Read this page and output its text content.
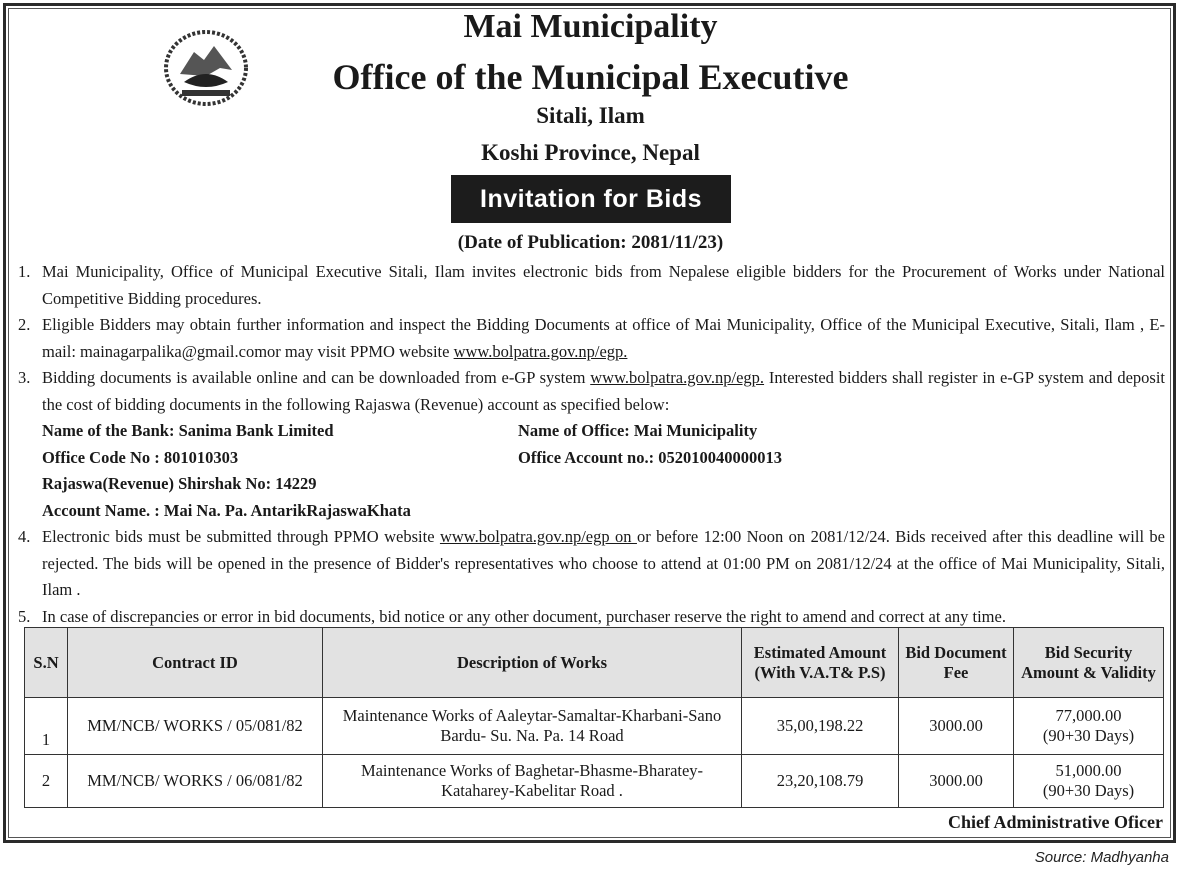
Mai Municipality
Office of the Municipal Executive
Sitali, Ilam
Koshi Province, Nepal
Invitation for Bids
(Date of Publication: 2081/11/23)
1. Mai Municipality, Office of Municipal Executive Sitali, Ilam invites electronic bids from Nepalese eligible bidders for the Procurement of Works under National Competitive Bidding procedures.
2. Eligible Bidders may obtain further information and inspect the Bidding Documents at office of Mai Municipality, Office of the Municipal Executive, Sitali, Ilam , E-mail: mainagarpalika@gmail.comor may visit PPMO website www.bolpatra.gov.np/egp.
3. Bidding documents is available online and can be downloaded from e-GP system www.bolpatra.gov.np/egp. Interested bidders shall register in e-GP system and deposit the cost of bidding documents in the following Rajaswa (Revenue) account as specified below:
Name of the Bank: Sanima Bank Limited	Name of Office: Mai Municipality
Office Code No : 801010303	Office Account no.: 052010040000013
Rajaswa(Revenue) Shirshak No: 14229
Account Name. : Mai Na. Pa. AntarikRajaswaKhata
4. Electronic bids must be submitted through PPMO website www.bolpatra.gov.np/egp on or before 12:00 Noon on 2081/12/24. Bids received after this deadline will be rejected. The bids will be opened in the presence of Bidder's representatives who choose to attend at 01:00 PM on 2081/12/24 at the office of Mai Municipality, Sitali, Ilam .
5. In case of discrepancies or error in bid documents, bid notice or any other document, purchaser reserve the right to amend and correct at any time.
S.N	Contract ID	Description of Works	Estimated Amount (With V.A.T& P.S)	Bid Document Fee	Bid Security Amount & Validity
1	MM/NCB/ WORKS / 05/081/82	Maintenance Works of Aaleytar-Samaltar-Kharbani-Sano Bardu- Su. Na. Pa. 14 Road	35,00,198.22	3000.00	77,000.00
(90+30 Days)

2	MM/NCB/ WORKS / 06/081/82	Maintenance Works of Baghetar-Bhasme-Bharatey-Kataharey-Kabelitar Road .	23,20,108.79	3000.00	51,000.00
(90+30 Days)
Chief Administrative Oficer
Source: Madhyanha
